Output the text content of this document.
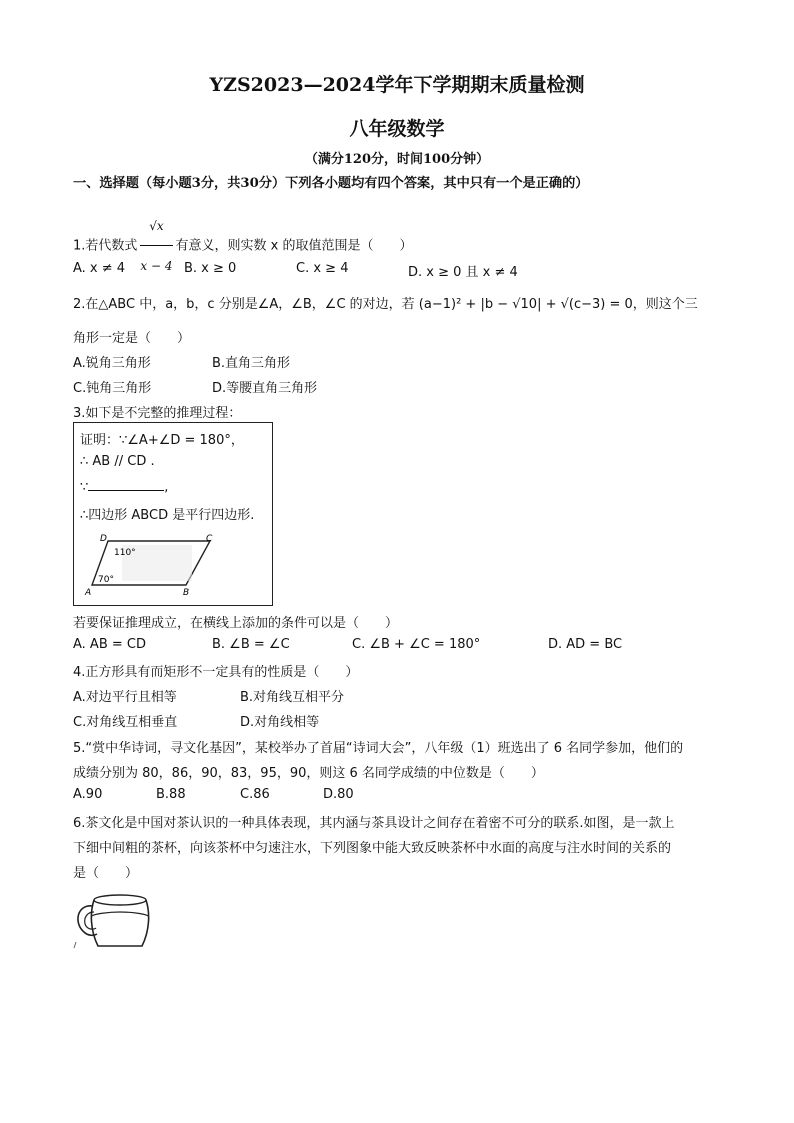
YZS2023—2024学年下学期期末质量检测
八年级数学
（满分120分，时间100分钟）
一、选择题（每小题3分，共30分）下列各小题均有四个答案，其中只有一个是正确的）
1.若代数式 $\frac{√x}{x - 4}$ 有意义，则实数 x 的取值范围是（　　）
A. x ≠ 4	B. x ≥ 0	C. x ≥ 4	D. x ≥ 0 且 x ≠ 4
2.在△ABC 中，a，b，c 分别是∠A，∠B，∠C 的对边，若 (a−1)² + |b − √10| + √(c−3) = 0，则这个三
角形一定是（　　）
A.锐角三角形	B.直角三角形
C.钝角三角形	D.等腰直角三角形
3.如下是不完整的推理过程：
证明：∵∠A+∠D = 180°，
∴ AB // CD .
∵	,
∴四边形 ABCD 是平行四边形.
D	C
A	B
110°
70°
若要保证推理成立，在横线上添加的条件可以是（　　）
A. AB = CD	B. ∠B = ∠C	C. ∠B + ∠C = 180°	D. AD = BC
4.正方形具有而矩形不一定具有的性质是（　　）
A.对边平行且相等	B.对角线互相平分
C.对角线互相垂直	D.对角线相等
5.“赏中华诗词，寻文化基因”，某校举办了首届“诗词大会”，八年级（1）班选出了 6 名同学参加，他们的
成绩分别为 80，86，90，83，95，90，则这 6 名同学成绩的中位数是（　　）
A.90	B.88	C.86	D.80
6.茶文化是中国对茶认识的一种具体表现，其内涵与茶具设计之间存在着密不可分的联系.如图，是一款上
下细中间粗的茶杯，向该茶杯中匀速注水，下列图象中能大致反映茶杯中水面的高度与注水时间的关系的
是（　　）
